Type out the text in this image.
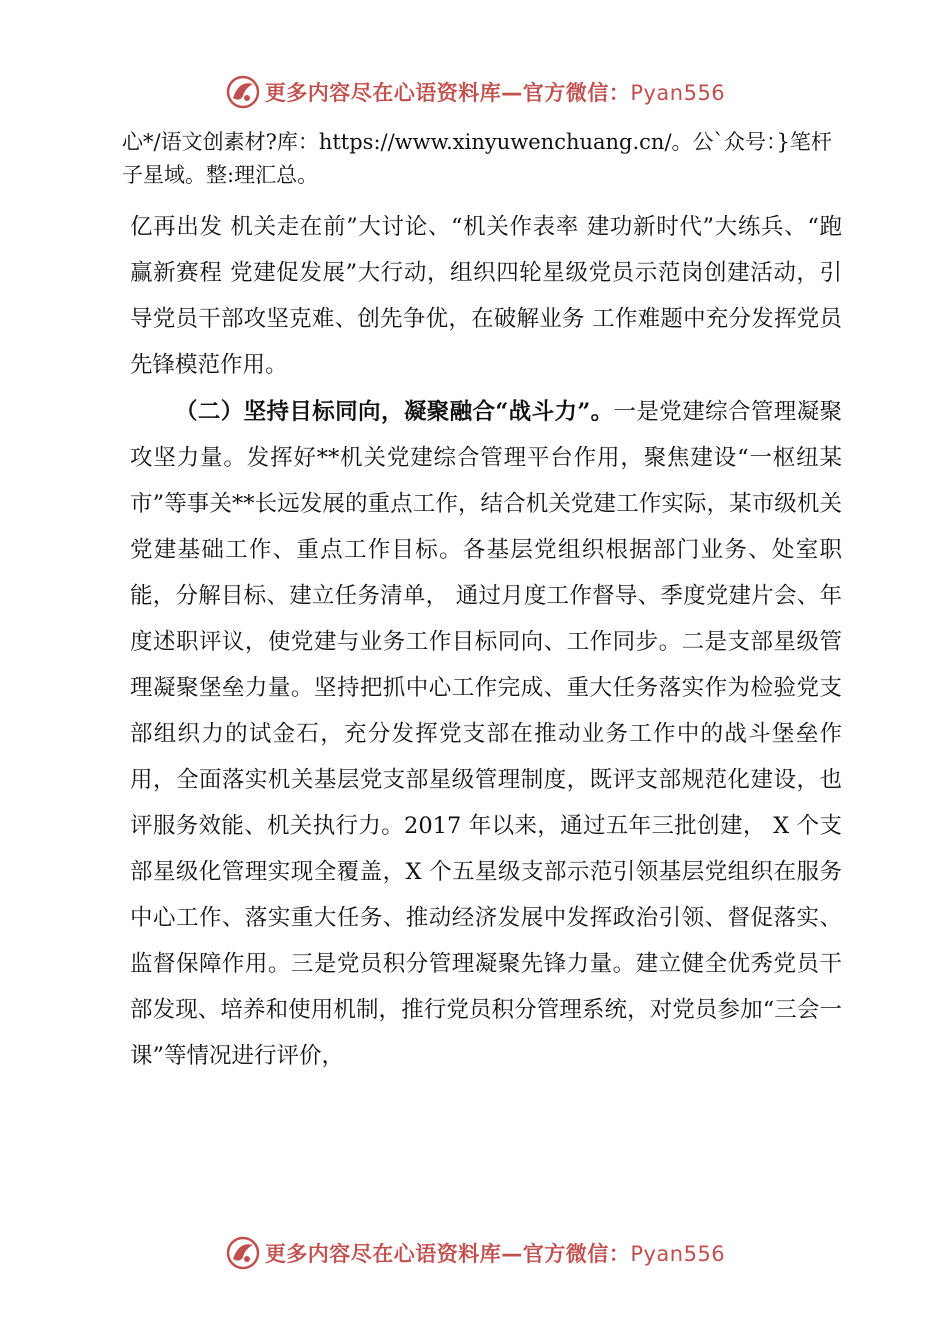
更多内容尽在心语资料库—官方微信：Pyan556

心*/语文创素材?库：https://www.xinyuwenchuang.cn/。公`众号：}笔杆子星域。整:理汇总。

亿再出发 机关走在前”大讨论、“机关作表率 建功新时代”大练兵、“跑赢新赛程 党建促发展”大行动，组织四轮星级党员示范岗创建活动，引导党员干部攻坚克难、创先争优，在破解业务 工作难题中充分发挥党员先锋模范作用。

（二）坚持目标同向，凝聚融合“战斗力”。一是党建综合管理凝聚攻坚力量。发挥好**机关党建综合管理平台作用，聚焦建设“一枢纽某市”等事关**长远发展的重点工作，结合机关党建工作实际，某市级机关党建基础工作、重点工作目标。各基层党组织根据部门业务、处室职能，分解目标、建立任务清单， 通过月度工作督导、季度党建片会、年度述职评议，使党建与业务工作目标同向、工作同步。二是支部星级管理凝聚堡垒力量。坚持把抓中心工作完成、重大任务落实作为检验党支部组织力的试金石，充分发挥党支部在推动业务工作中的战斗堡垒作用，全面落实机关基层党支部星级管理制度，既评支部规范化建设，也评服务效能、机关执行力。2017 年以来，通过五年三批创建， X 个支部星级化管理实现全覆盖，X 个五星级支部示范引领基层党组织在服务中心工作、落实重大任务、推动经济发展中发挥政治引领、督促落实、监督保障作用。三是党员积分管理凝聚先锋力量。建立健全优秀党员干部发现、培养和使用机制，推行党员积分管理系统，对党员参加“三会一课”等情况进行评价，

更多内容尽在心语资料库—官方微信：Pyan556
